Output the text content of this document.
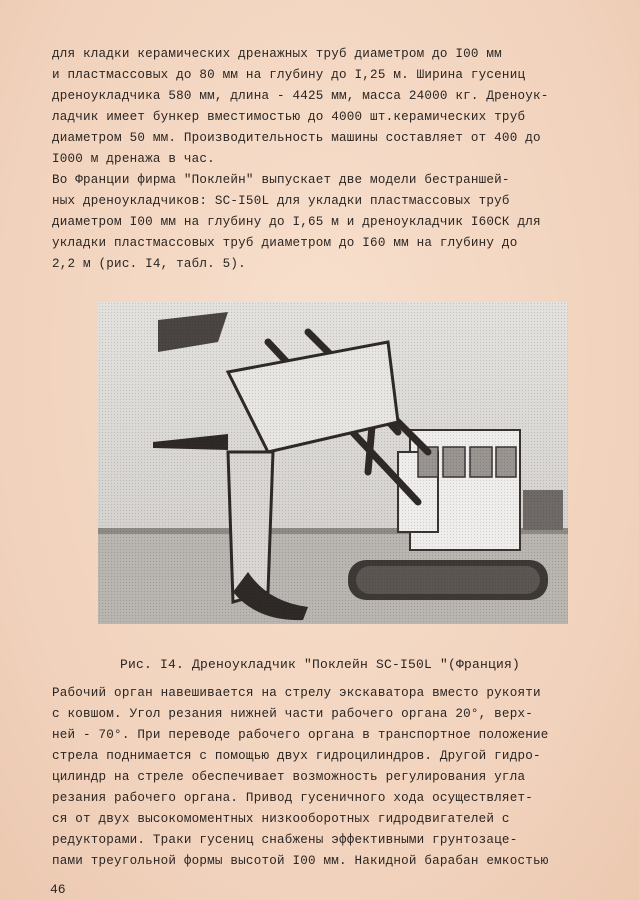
для кладки керамических дренажных труб диаметром до I00 мм
и пластмассовых до 80 мм на глубину до I,25 м. Ширина гусениц
дреноукладчика 580 мм, длина - 4425 мм, масса 24000 кг. Дреноук-
ладчик имеет бункер вместимостью до 4000 шт.керамических труб
диаметром 50 мм. Производительность машины составляет от 400 до
I000 м дренажа в час.

Во Франции фирма "Поклейн" выпускает две модели бестраншей-
ных дреноукладчиков: SC-I50L для укладки пластмассовых труб
диаметром I00 мм на глубину до I,65 м и дреноукладчик I60СК для
укладки пластмассовых труб диаметром до I60 мм на глубину до
2,2 м (рис. I4, табл. 5).

Рис. I4. Дреноукладчик "Поклейн SC-I50L "(Франция)

Рабочий орган навешивается на стрелу экскаватора вместо рукояти
с ковшом. Угол резания нижней части рабочего органа 20°, верх-
ней - 70°. При переводе рабочего органа в транспортное положение
стрела поднимается с помощью двух гидроцилиндров. Другой гидро-
цилиндр на стреле обеспечивает возможность регулирования угла
резания рабочего органа. Привод гусеничного хода осуществляет-
ся от двух высокомоментных низкооборотных гидродвигателей с
редукторами. Траки гусениц снабжены эффективными грунтозаце-
пами треугольной формы высотой I00 мм. Накидной барабан емкостью

46
